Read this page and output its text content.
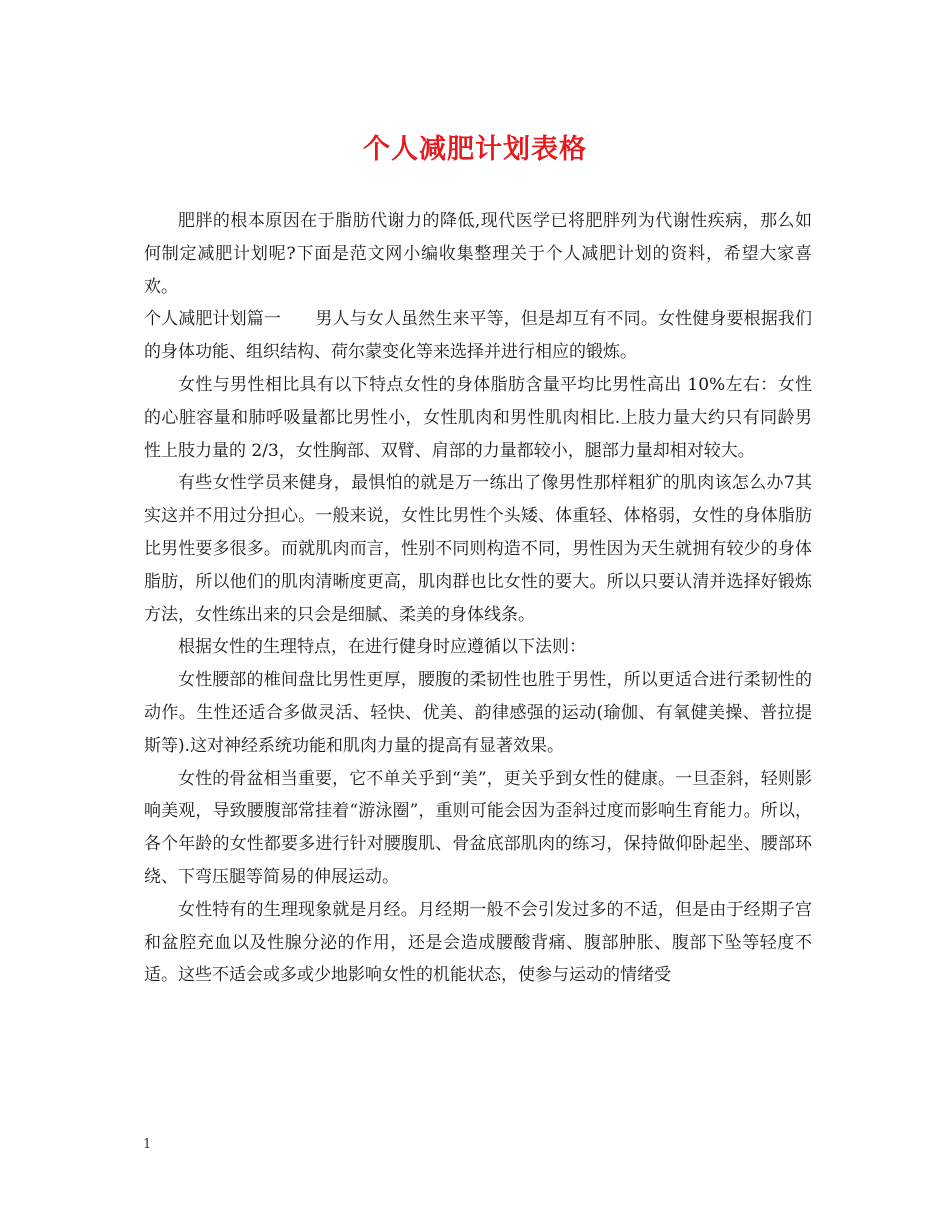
个人减肥计划表格

肥胖的根本原因在于脂肪代谢力的降低,现代医学已将肥胖列为代谢性疾病，那么如何制定减肥计划呢?下面是范文网小编收集整理关于个人减肥计划的资料，希望大家喜欢。

个人减肥计划篇一　　男人与女人虽然生来平等，但是却互有不同。女性健身要根据我们的身体功能、组织结构、荷尔蒙变化等来选择并进行相应的锻炼。

女性与男性相比具有以下特点女性的身体脂肪含量平均比男性高出 10%左右：女性的心脏容量和肺呼吸量都比男性小，女性肌肉和男性肌肉相比.上肢力量大约只有同龄男性上肢力量的 2/3，女性胸部、双臂、肩部的力量都较小，腿部力量却相对较大。

有些女性学员来健身，最惧怕的就是万一练出了像男性那样粗犷的肌肉该怎么办7其实这并不用过分担心。一般来说，女性比男性个头矮、体重轻、体格弱，女性的身体脂肪比男性要多很多。而就肌肉而言，性别不同则构造不同，男性因为天生就拥有较少的身体脂肪，所以他们的肌肉清晰度更高，肌肉群也比女性的要大。所以只要认清并选择好锻炼方法，女性练出来的只会是细腻、柔美的身体线条。

根据女性的生理特点，在进行健身时应遵循以下法则：

女性腰部的椎间盘比男性更厚，腰腹的柔韧性也胜于男性，所以更适合进行柔韧性的动作。生性还适合多做灵活、轻快、优美、韵律感强的运动(瑜伽、有氧健美操、普拉提斯等).这对神经系统功能和肌肉力量的提高有显著效果。

女性的骨盆相当重要，它不单关乎到“美”，更关乎到女性的健康。一旦歪斜，轻则影响美观，导致腰腹部常挂着“游泳圈”，重则可能会因为歪斜过度而影响生育能力。所以，各个年龄的女性都要多进行针对腰腹肌、骨盆底部肌肉的练习，保持做仰卧起坐、腰部环绕、下弯压腿等简易的伸展运动。

女性特有的生理现象就是月经。月经期一般不会引发过多的不适，但是由于经期子宫和盆腔充血以及性腺分泌的作用，还是会造成腰酸背痛、腹部肿胀、腹部下坠等轻度不适。这些不适会或多或少地影响女性的机能状态，使参与运动的情绪受

1
